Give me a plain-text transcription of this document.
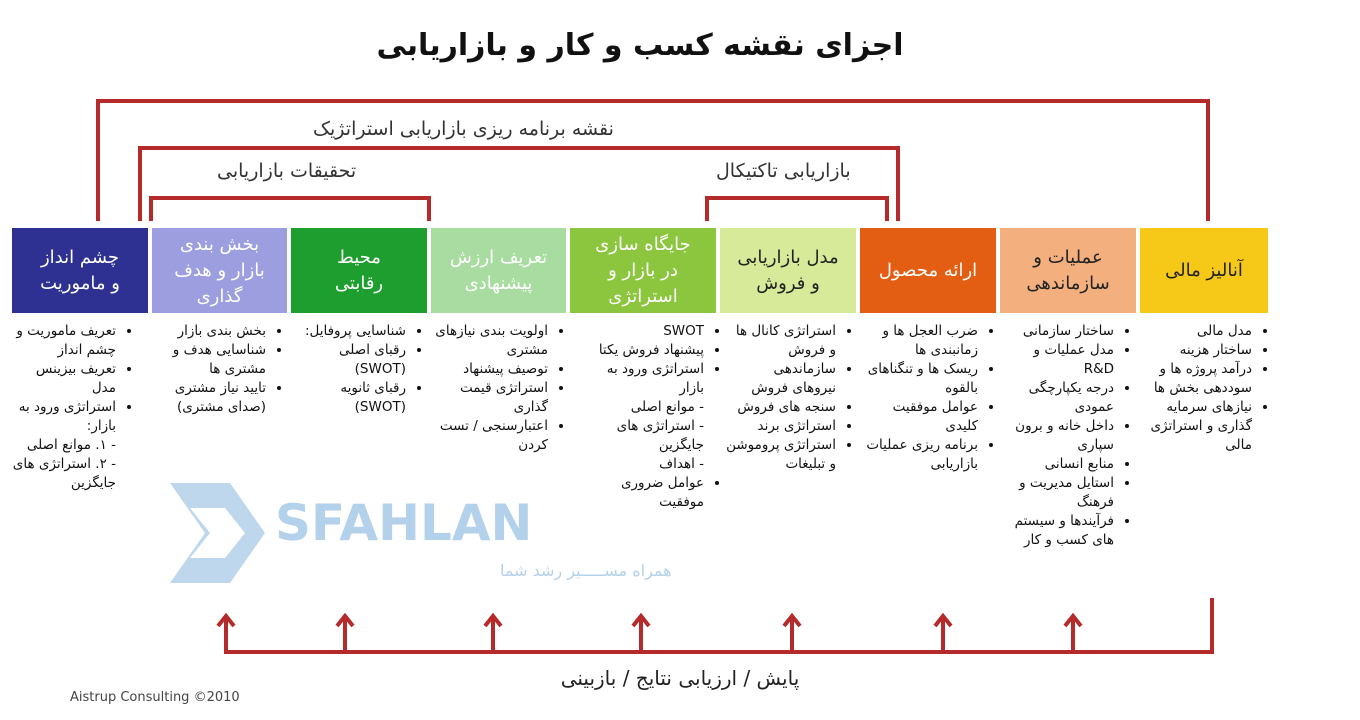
اجزای نقشه کسب و کار و بازاریابی
نقشه برنامه ریزی بازاریابی استراتژیک
تحقیقات بازاریابی	بازاریابی تاکتیکال
چشم انداز
و ماموریت
بخش بندی
بازار و هدف
گذاری
محیط
رقابتی
تعریف ارزش
پیشنهادی
جایگاه سازی
در بازار و
استراتژی
مدل بازاریابی
و فروش
ارائه محصول
عملیات و
سازماندهی
آنالیز مالی
• تعریف ماموریت و چشم انداز
• تعریف بیزینس مدل
• استراتژی ورود به بازار:
- ۱. موانع اصلی
- ۲. استراتژی های جایگزین
• بخش بندی بازار
• شناسایی هدف و مشتری ها
• تایید نیاز مشتری (صدای مشتری)
• شناسایی پروفایل:
• رقبای اصلی (SWOT)
• رقبای ثانویه (SWOT)
• اولویت بندی نیازهای مشتری
• توصیف پیشنهاد
• استراتژی قیمت گذاری
• اعتبارسنجی / تست کردن
• SWOT
• پیشنهاد فروش یکتا
• استراتژی ورود به بازار
- موانع اصلی
- استراتژی های جایگزین
- اهداف
• عوامل ضروری موفقیت
• استراتژی کانال ها و فروش
• سازماندهی نیروهای فروش
• سنجه های فروش
• استراتژی برند
• استراتژی پروموشن و تبلیغات
• ضرب العجل ها و زمانبندی ها
• ریسک ها و تنگناهای بالقوه
• عوامل موفقیت کلیدی
• برنامه ریزی عملیات بازاریابی
• ساختار سازمانی
• مدل عملیات و R&D
• درجه یکپارچگی عمودی
• داخل خانه و برون سپاری
• منابع انسانی
• استایل مدیریت و فرهنگ
• فرآیندها و سیستم های کسب و کار
• مدل مالی
• ساختار هزینه
• درآمد پروژه ها و سوددهی بخش ها
• نیازهای سرمایه گذاری و استراتژی مالی
SFAHLAN
همراه مســـــیر رشد شما
پایش / ارزیابی نتایج / بازبینی
Aistrup Consulting ©2010
